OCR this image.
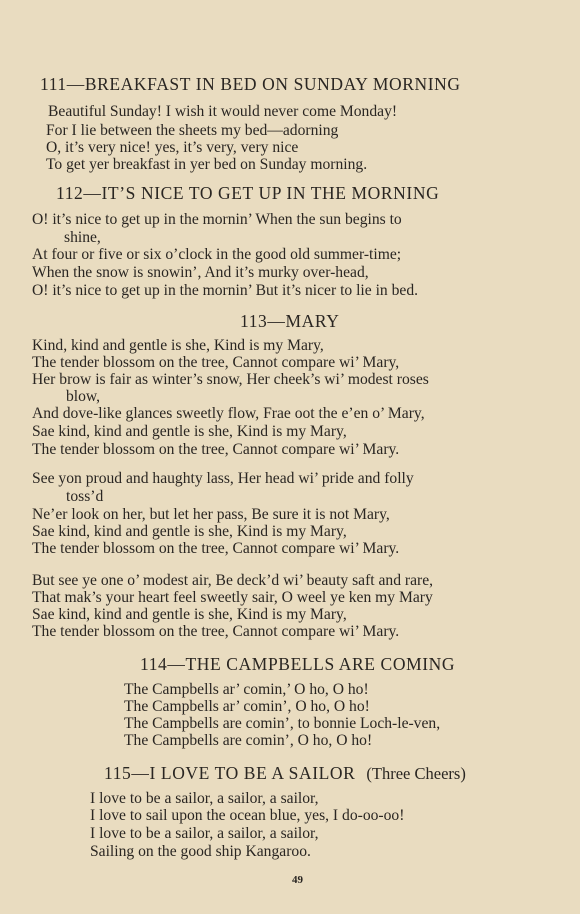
111—BREAKFAST IN BED ON SUNDAY MORNING
Beautiful Sunday! I wish it would never come Monday!
For I lie between the sheets my bed—adorning
O, it’s very nice! yes, it’s very, very nice
To get yer breakfast in yer bed on Sunday morning.
112—IT’S NICE TO GET UP IN THE MORNING
O! it’s nice to get up in the mornin’ When the sun begins to
shine,
At four or five or six o’clock in the good old summer-time;
When the snow is snowin’, And it’s murky over-head,
O! it’s nice to get up in the mornin’ But it’s nicer to lie in bed.
113—MARY
Kind, kind and gentle is she, Kind is my Mary,
The tender blossom on the tree, Cannot compare wi’ Mary,
Her brow is fair as winter’s snow, Her cheek’s wi’ modest roses
blow,
And dove-like glances sweetly flow, Frae oot the e’en o’ Mary,
Sae kind, kind and gentle is she, Kind is my Mary,
The tender blossom on the tree, Cannot compare wi’ Mary.
See yon proud and haughty lass, Her head wi’ pride and folly
toss’d
Ne’er look on her, but let her pass, Be sure it is not Mary,
Sae kind, kind and gentle is she, Kind is my Mary,
The tender blossom on the tree, Cannot compare wi’ Mary.
But see ye one o’ modest air, Be deck’d wi’ beauty saft and rare,
That mak’s your heart feel sweetly sair, O weel ye ken my Mary
Sae kind, kind and gentle is she, Kind is my Mary,
The tender blossom on the tree, Cannot compare wi’ Mary.
114—THE CAMPBELLS ARE COMING
The Campbells ar’ comin,’ O ho, O ho!
The Campbells ar’ comin’, O ho, O ho!
The Campbells are comin’, to bonnie Loch-le-ven,
The Campbells are comin’, O ho, O ho!
115—I LOVE TO BE A SAILOR (Three Cheers)
I love to be a sailor, a sailor, a sailor,
I love to sail upon the ocean blue, yes, I do-oo-oo!
I love to be a sailor, a sailor, a sailor,
Sailing on the good ship Kangaroo.
49
